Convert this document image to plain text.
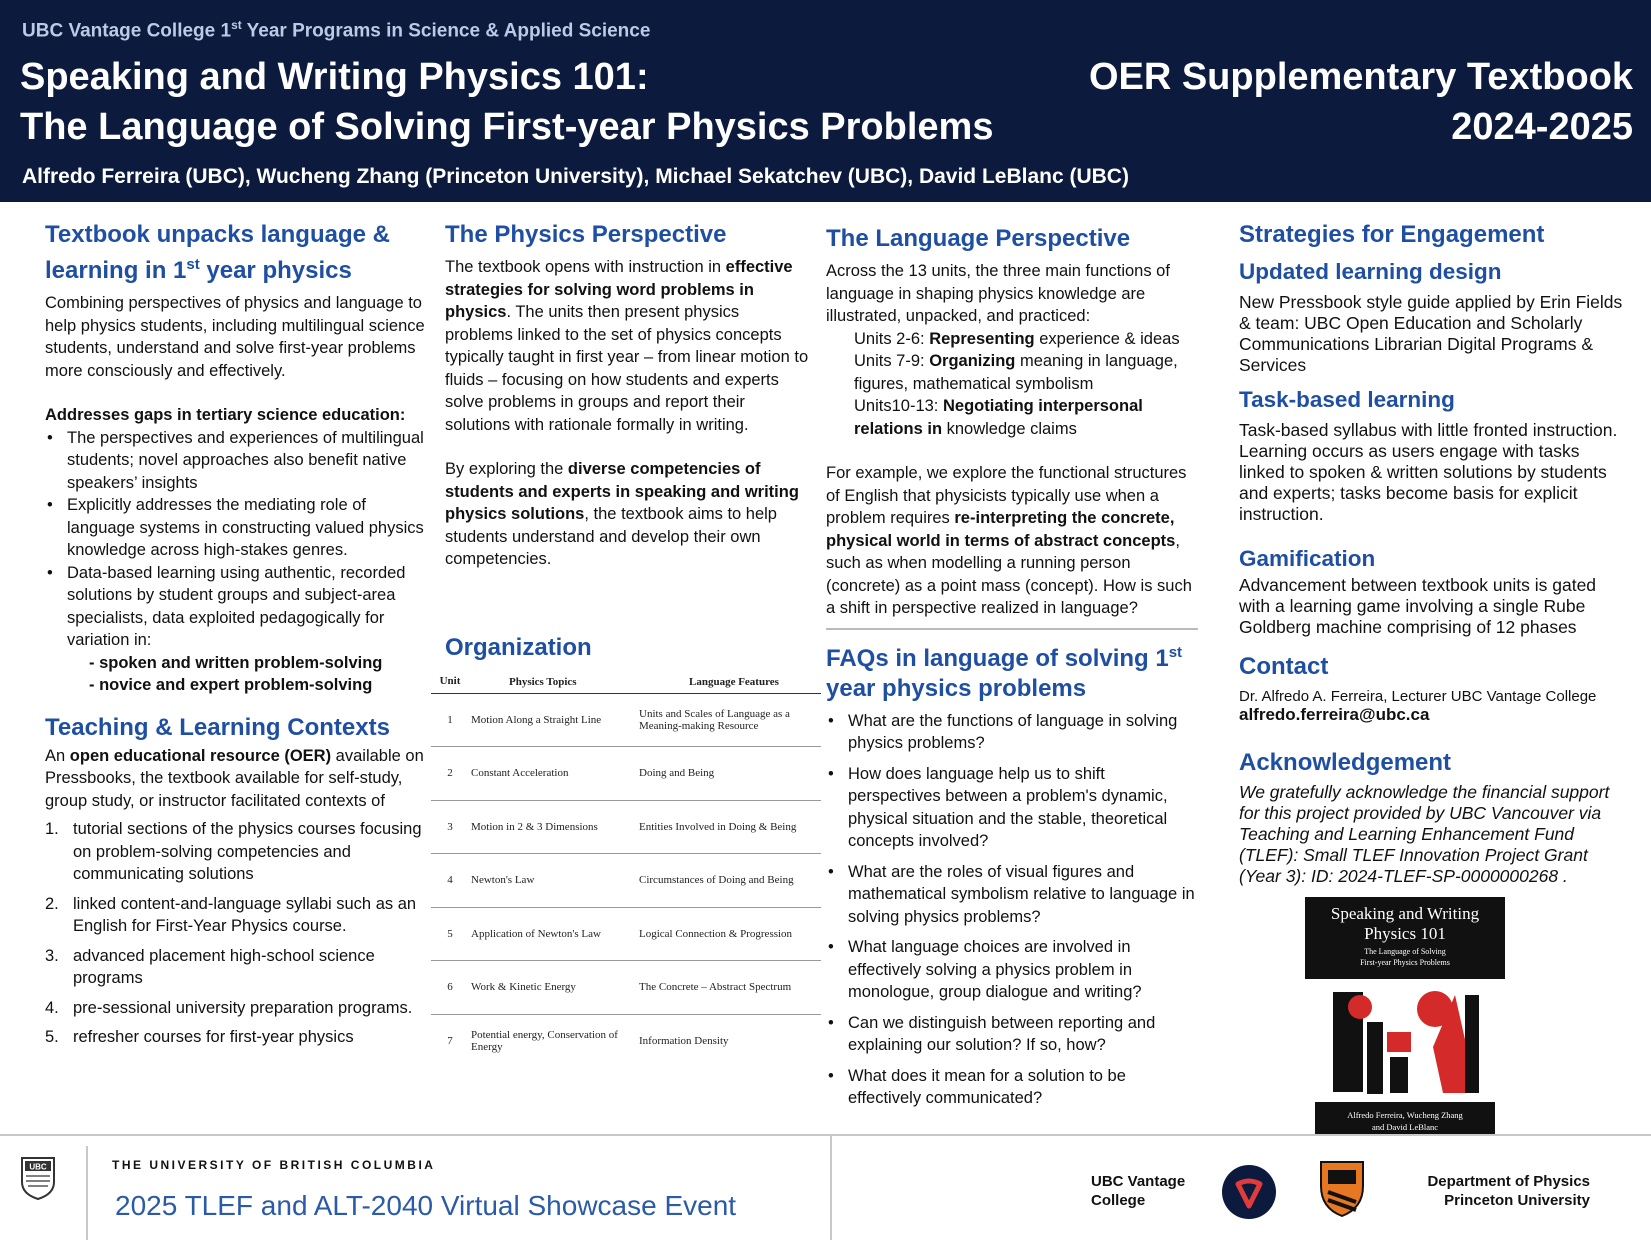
UBC Vantage College 1st Year Programs in Science & Applied Science
Speaking and Writing Physics 101:
The Language of Solving First-year Physics Problems
OER Supplementary Textbook
2024-2025
Alfredo Ferreira (UBC), Wucheng Zhang (Princeton University), Michael Sekatchev (UBC), David LeBlanc (UBC)
Textbook unpacks language & learning in 1st year physics

Combining perspectives of physics and language to help physics students, including multilingual science students, understand and solve first-year problems more consciously and effectively.

Addresses gaps in tertiary science education:

• The perspectives and experiences of multilingual students; novel approaches also benefit native speakers’ insights
• Explicitly addresses the mediating role of language systems in constructing valued physics knowledge across high-stakes genres.
• Data-based learning using authentic, recorded solutions by student groups and subject-area specialists, data exploited pedagogically for variation in:
- spoken and written problem-solving
- novice and expert problem-solving
Teaching & Learning Contexts

An open educational resource (OER) available on Pressbooks, the textbook available for self-study, group study, or instructor facilitated contexts of

1. tutorial sections of the physics courses focusing on problem-solving competencies and communicating solutions
2. linked content-and-language syllabi such as an English for First-Year Physics course.
3. advanced placement high-school science programs
4. pre-sessional university preparation programs.
5. refresher courses for first-year physics
The Physics Perspective

The textbook opens with instruction in effective strategies for solving word problems in physics. The units then present physics problems linked to the set of physics concepts typically taught in first year – from linear motion to fluids – focusing on how students and experts solve problems in groups and report their solutions with rationale formally in writing.

By exploring the diverse competencies of students and experts in speaking and writing physics solutions, the textbook aims to help students understand and develop their own competencies.

Organization
Unit	Physics Topics	Language Features
1	Motion Along a Straight Line	Units and Scales of Language as a Meaning-making Resource
2	Constant Acceleration	Doing and Being
3	Motion in 2 & 3 Dimensions	Entities Involved in Doing & Being
4	Newton's Law	Circumstances of Doing and Being
5	Application of Newton's Law	Logical Connection & Progression
6	Work & Kinetic Energy	The Concrete – Abstract Spectrum
7	Potential energy, Conservation of Energy	Information Density
The Language Perspective

Across the 13 units, the three main functions of language in shaping physics knowledge are illustrated, unpacked, and practiced:

Units 2-6: Representing experience & ideas
Units 7-9: Organizing meaning in language, figures, mathematical symbolism
Units10-13: Negotiating interpersonal relations in knowledge claims

For example, we explore the functional structures of English that physicists typically use when a problem requires re-interpreting the concrete, physical world in terms of abstract concepts, such as when modelling a running person (concrete) as a point mass (concept). How is such a shift in perspective realized in language?

FAQs in language of solving 1st year physics problems
• What are the functions of language in solving physics problems?
• How does language help us to shift perspectives between a problem's dynamic, physical situation and the stable, theoretical concepts involved?
• What are the roles of visual figures and mathematical symbolism relative to language in solving physics problems?
• What language choices are involved in effectively solving a physics problem in monologue, group dialogue and writing?
• Can we distinguish between reporting and explaining our solution? If so, how?
• What does it mean for a solution to be effectively communicated?
Strategies for Engagement
Updated learning design

New Pressbook style guide applied by Erin Fields & team: UBC Open Education and Scholarly Communications Librarian Digital Programs & Services

Task-based learning

Task-based syllabus with little fronted instruction. Learning occurs as users engage with tasks linked to spoken & written solutions by students and experts; tasks become basis for explicit instruction.

Gamification

Advancement between textbook units is gated with a learning game involving a single Rube Goldberg machine comprising of 12 phases

Contact
Dr. Alfredo A. Ferreira, Lecturer UBC Vantage College
alfredo.ferreira@ubc.ca
Acknowledgement

We gratefully acknowledge the financial support for this project provided by UBC Vancouver via Teaching and Learning Enhancement Fund (TLEF): Small TLEF Innovation Project Grant (Year 3): ID: 2024-TLEF-SP-0000000268 .

Speaking and Writing
Physics 101
The Language of Solving
First-year Physics Problems
Alfredo Ferreira, Wucheng Zhang
and David LeBlanc
UBC	THE UNIVERSITY OF BRITISH COLUMBIA
2025 TLEF and ALT-2040 Virtual Showcase Event
UBC Vantage
College
Department of Physics
Princeton University
